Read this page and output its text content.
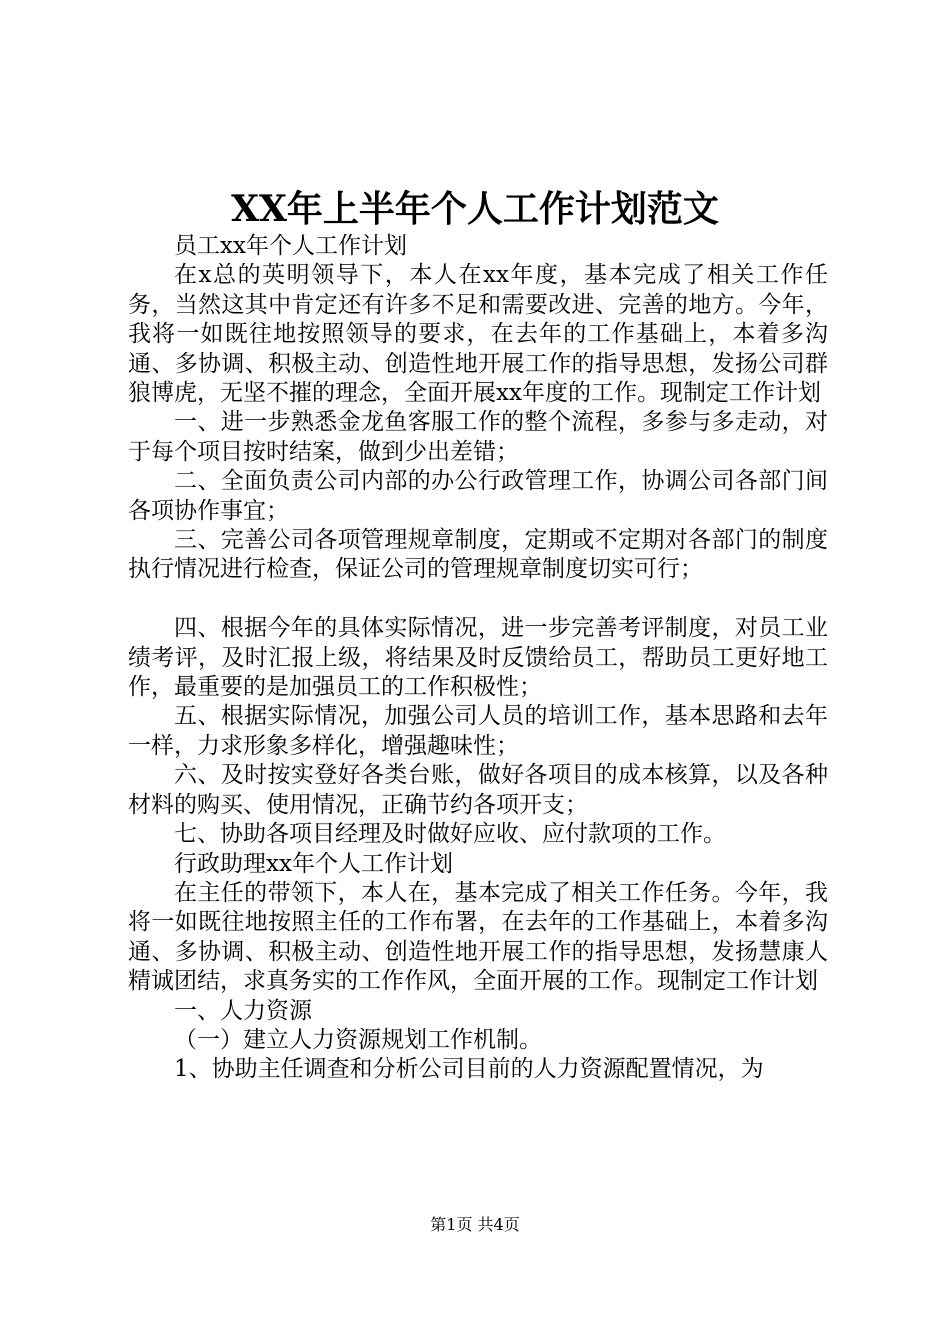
XX年上半年个人工作计划范文

员工xx年个人工作计划

在x总的英明领导下，本人在xx年度，基本完成了相关工作任务，当然这其中肯定还有许多不足和需要改进、完善的地方。今年，我将一如既往地按照领导的要求，在去年的工作基础上，本着多沟通、多协调、积极主动、创造性地开展工作的指导思想，发扬公司群狼博虎，无坚不摧的理念，全面开展xx年度的工作。现制定工作计划

一、进一步熟悉金龙鱼客服工作的整个流程，多参与多走动，对于每个项目按时结案，做到少出差错；

二、全面负责公司内部的办公行政管理工作，协调公司各部门间各项协作事宜；

三、完善公司各项管理规章制度，定期或不定期对各部门的制度执行情况进行检查，保证公司的管理规章制度切实可行；

四、根据今年的具体实际情况，进一步完善考评制度，对员工业绩考评，及时汇报上级，将结果及时反馈给员工，帮助员工更好地工作，最重要的是加强员工的工作积极性；

五、根据实际情况，加强公司人员的培训工作，基本思路和去年一样，力求形象多样化，增强趣味性；

六、及时按实登好各类台账，做好各项目的成本核算，以及各种材料的购买、使用情况，正确节约各项开支；

七、协助各项目经理及时做好应收、应付款项的工作。

行政助理xx年个人工作计划

在主任的带领下，本人在，基本完成了相关工作任务。今年，我将一如既往地按照主任的工作布署，在去年的工作基础上，本着多沟通、多协调、积极主动、创造性地开展工作的指导思想，发扬慧康人精诚团结，求真务实的工作作风，全面开展的工作。现制定工作计划

一、人力资源

（一）建立人力资源规划工作机制。

1、协助主任调查和分析公司目前的人力资源配置情况，为

第1页 共4页
